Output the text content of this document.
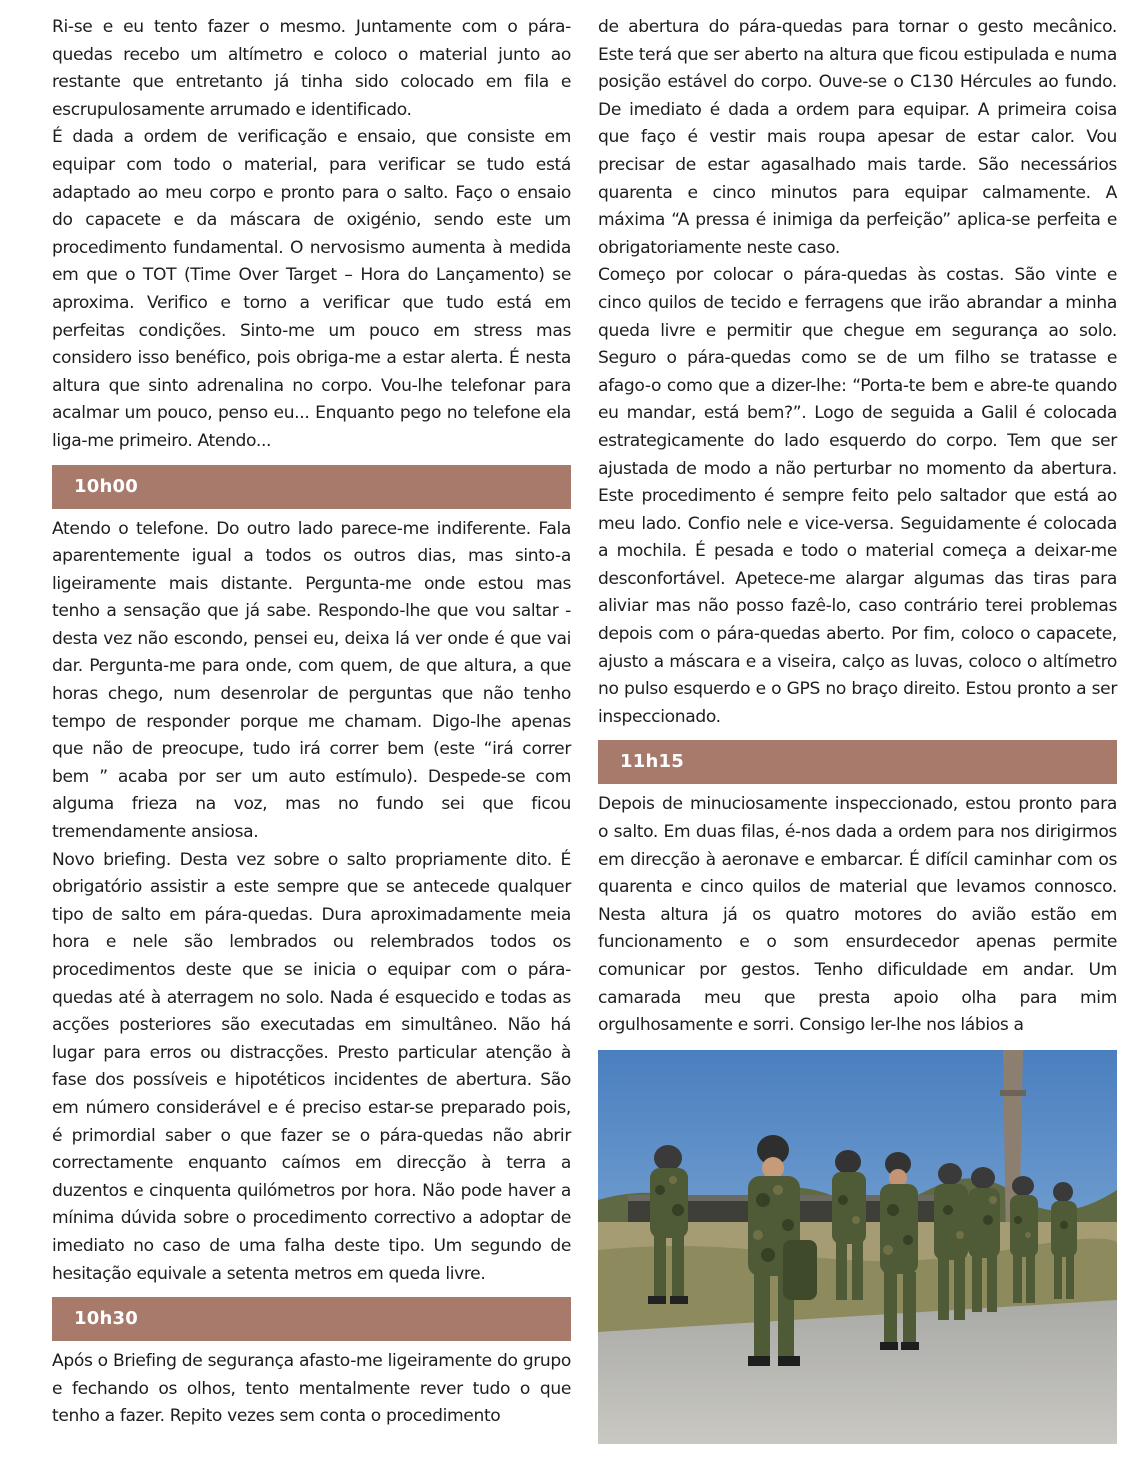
Ri-se e eu tento fazer o mesmo. Juntamente com o pára-quedas recebo um altímetro e coloco o material junto ao restante que entretanto já tinha sido colocado em fila e escrupulosamente arrumado e identificado.

É dada a ordem de verificação e ensaio, que consiste em equipar com todo o material, para verificar se tudo está adaptado ao meu corpo e pronto para o salto. Faço o ensaio do capacete e da máscara de oxigénio, sendo este um procedimento fundamental. O nervosismo aumenta à medida em que o TOT (Time Over Target – Hora do Lançamento) se aproxima. Verifico e torno a verificar que tudo está em perfeitas condições. Sinto-me um pouco em stress mas considero isso benéfico, pois obriga-me a estar alerta. É nesta altura que sinto adrenalina no corpo. Vou-lhe telefonar para acalmar um pouco, penso eu... Enquanto pego no telefone ela liga-me primeiro. Atendo...

10h00

Atendo o telefone. Do outro lado parece-me indiferente. Fala aparentemente igual a todos os outros dias, mas sinto-a ligeiramente mais distante. Pergunta-me onde estou mas tenho a sensação que já sabe. Respondo-lhe que vou saltar - desta vez não escondo, pensei eu, deixa lá ver onde é que vai dar. Pergunta-me para onde, com quem, de que altura, a que horas chego, num desenrolar de perguntas que não tenho tempo de responder porque me chamam. Digo-lhe apenas que não de preocupe, tudo irá correr bem (este “irá correr bem ” acaba por ser um auto estímulo). Despede-se com alguma frieza na voz, mas no fundo sei que ficou tremendamente ansiosa.

Novo briefing. Desta vez sobre o salto propriamente dito. É obrigatório assistir a este sempre que se antecede qualquer tipo de salto em pára-quedas. Dura aproximadamente meia hora e nele são lembrados ou relembrados todos os procedimentos deste que se inicia o equipar com o pára-quedas até à aterragem no solo. Nada é esquecido e todas as acções posteriores são executadas em simultâneo. Não há lugar para erros ou distracções. Presto particular atenção à fase dos possíveis e hipotéticos incidentes de abertura. São em número considerável e é preciso estar-se preparado pois, é primordial saber o que fazer se o pára-quedas não abrir correctamente enquanto caímos em direcção à terra a duzentos e cinquenta quilómetros por hora. Não pode haver a mínima dúvida sobre o procedimento correctivo a adoptar de imediato no caso de uma falha deste tipo. Um segundo de hesitação equivale a setenta metros em queda livre.

10h30

Após o Briefing de segurança afasto-me ligeiramente do grupo e fechando os olhos, tento mentalmente rever tudo o que tenho a fazer. Repito vezes sem conta o procedimento

de abertura do pára-quedas para tornar o gesto mecânico. Este terá que ser aberto na altura que ficou estipulada e numa posição estável do corpo. Ouve-se o C130 Hércules ao fundo. De imediato é dada a ordem para equipar. A primeira coisa que faço é vestir mais roupa apesar de estar calor. Vou precisar de estar agasalhado mais tarde. São necessários quarenta e cinco minutos para equipar calmamente. A máxima “A pressa é inimiga da perfeição” aplica-se perfeita e obrigatoriamente neste caso.

Começo por colocar o pára-quedas às costas. São vinte e cinco quilos de tecido e ferragens que irão abrandar a minha queda livre e permitir que chegue em segurança ao solo. Seguro o pára-quedas como se de um filho se tratasse e afago-o como que a dizer-lhe: “Porta-te bem e abre-te quando eu mandar, está bem?”. Logo de seguida a Galil é colocada estrategicamente do lado esquerdo do corpo. Tem que ser ajustada de modo a não perturbar no momento da abertura. Este procedimento é sempre feito pelo saltador que está ao meu lado. Confio nele e vice-versa. Seguidamente é colocada a mochila. É pesada e todo o material começa a deixar-me desconfortável. Apetece-me alargar algumas das tiras para aliviar mas não posso fazê-lo, caso contrário terei problemas depois com o pára-quedas aberto. Por fim, coloco o capacete, ajusto a máscara e a viseira, calço as luvas, coloco o altímetro no pulso esquerdo e o GPS no braço direito. Estou pronto a ser inspeccionado.

11h15

Depois de minuciosamente inspeccionado, estou pronto para o salto. Em duas filas, é-nos dada a ordem para nos dirigirmos em direcção à aeronave e embarcar. É difícil caminhar com os quarenta e cinco quilos de material que levamos connosco. Nesta altura já os quatro motores do avião estão em funcionamento e o som ensurdecedor apenas permite comunicar por gestos. Tenho dificuldade em andar. Um camarada meu que presta apoio olha para mim orgulhosamente e sorri. Consigo ler-lhe nos lábios a
